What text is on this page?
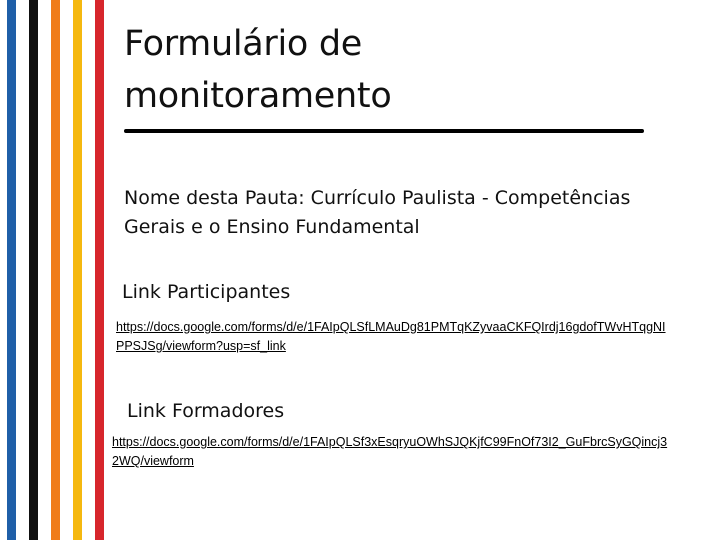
Formulário de
monitoramento
Nome desta Pauta: Currículo Paulista - Competências Gerais e o Ensino Fundamental
Link Participantes
https://docs.google.com/forms/d/e/1FAIpQLSfLMAuDg81PMTqKZyvaaCKFQIrdj16gdofTWvHTqgNIPPSJSg/viewform?usp=sf_link
Link Formadores
https://docs.google.com/forms/d/e/1FAIpQLSf3xEsqryuOWhSJQKjfC99FnOf73I2_GuFbrcSyGQincj32WQ/viewform
